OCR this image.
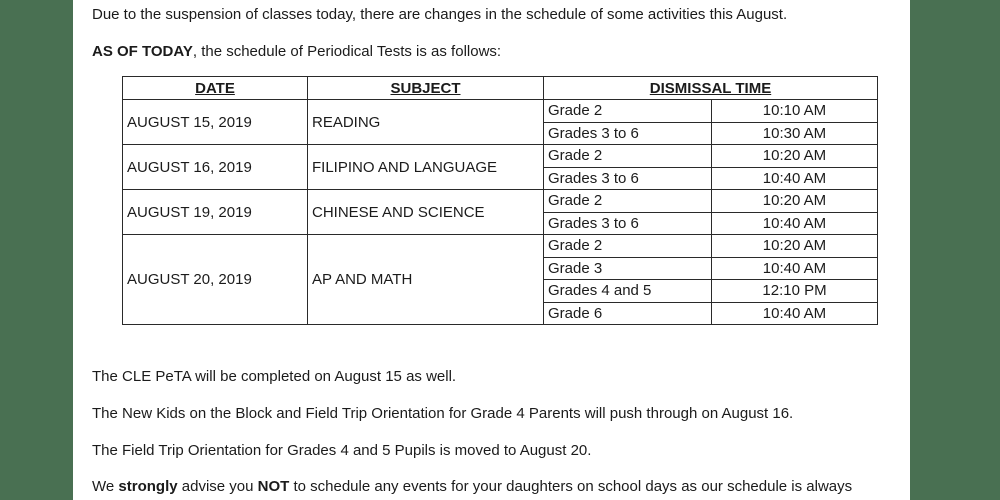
Due to the suspension of classes today, there are changes in the schedule of some activities this August.

AS OF TODAY, the schedule of Periodical Tests is as follows:

DATE	SUBJECT	DISMISSAL TIME	
AUGUST 15, 2019	READING	Grade 2	10:10 AM
		Grades 3 to 6	10:30 AM
AUGUST 16, 2019	FILIPINO AND LANGUAGE	Grade 2	10:20 AM
		Grades 3 to 6	10:40 AM
AUGUST 19, 2019	CHINESE AND SCIENCE	Grade 2	10:20 AM
		Grades 3 to 6	10:40 AM
AUGUST 20, 2019	AP AND MATH	Grade 2	10:20 AM
		Grade 3	10:40 AM
		Grades 4 and 5	12:10 PM
		Grade 6	10:40 AM

The CLE PeTA will be completed on August 15 as well.

The New Kids on the Block and Field Trip Orientation for Grade 4 Parents will push through on August 16.

The Field Trip Orientation for Grades 4 and 5 Pupils is moved to August 20.

We strongly advise you NOT to schedule any events for your daughters on school days as our schedule is always
